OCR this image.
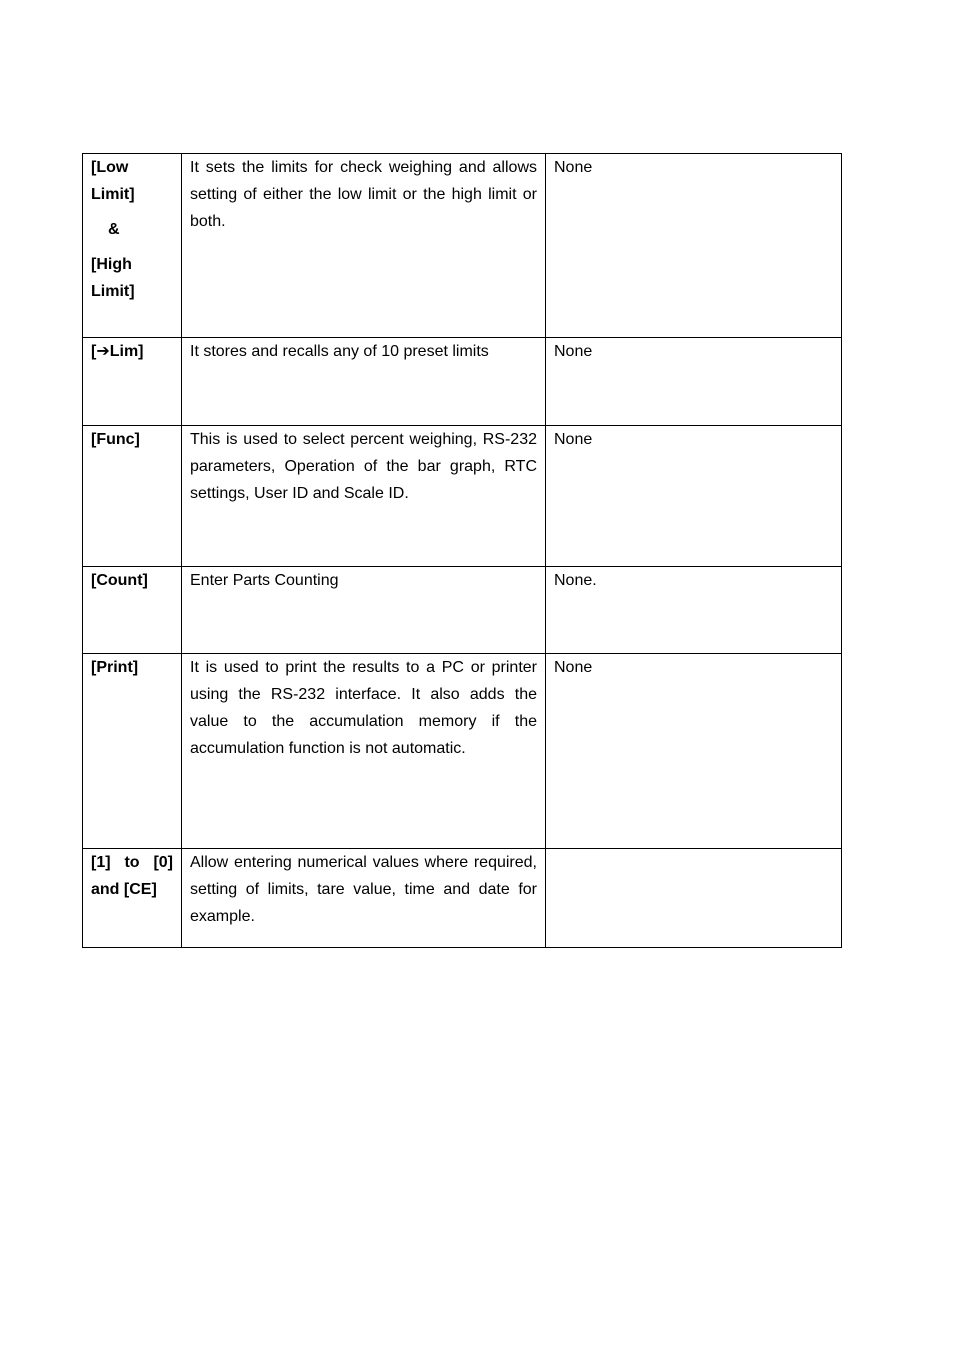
[Low
Limit]
&
[High
Limit]	It sets the limits for check weighing and allows setting of either the low limit or the high limit or both.	None
[➔Lim]	It stores and recalls any of 10 preset limits	None
[Func]	This is used to select percent weighing, RS-232 parameters, Operation of the bar graph, RTC settings, User ID and Scale ID.	None
[Count]	Enter Parts Counting	None.
[Print]	It is used to print the results to a PC or printer using the RS-232 interface. It also adds the value to the accumulation memory if the accumulation function is not automatic.	None
[1] to [0] and [CE]	Allow entering numerical values where required, setting of limits, tare value, time and date for example.	
